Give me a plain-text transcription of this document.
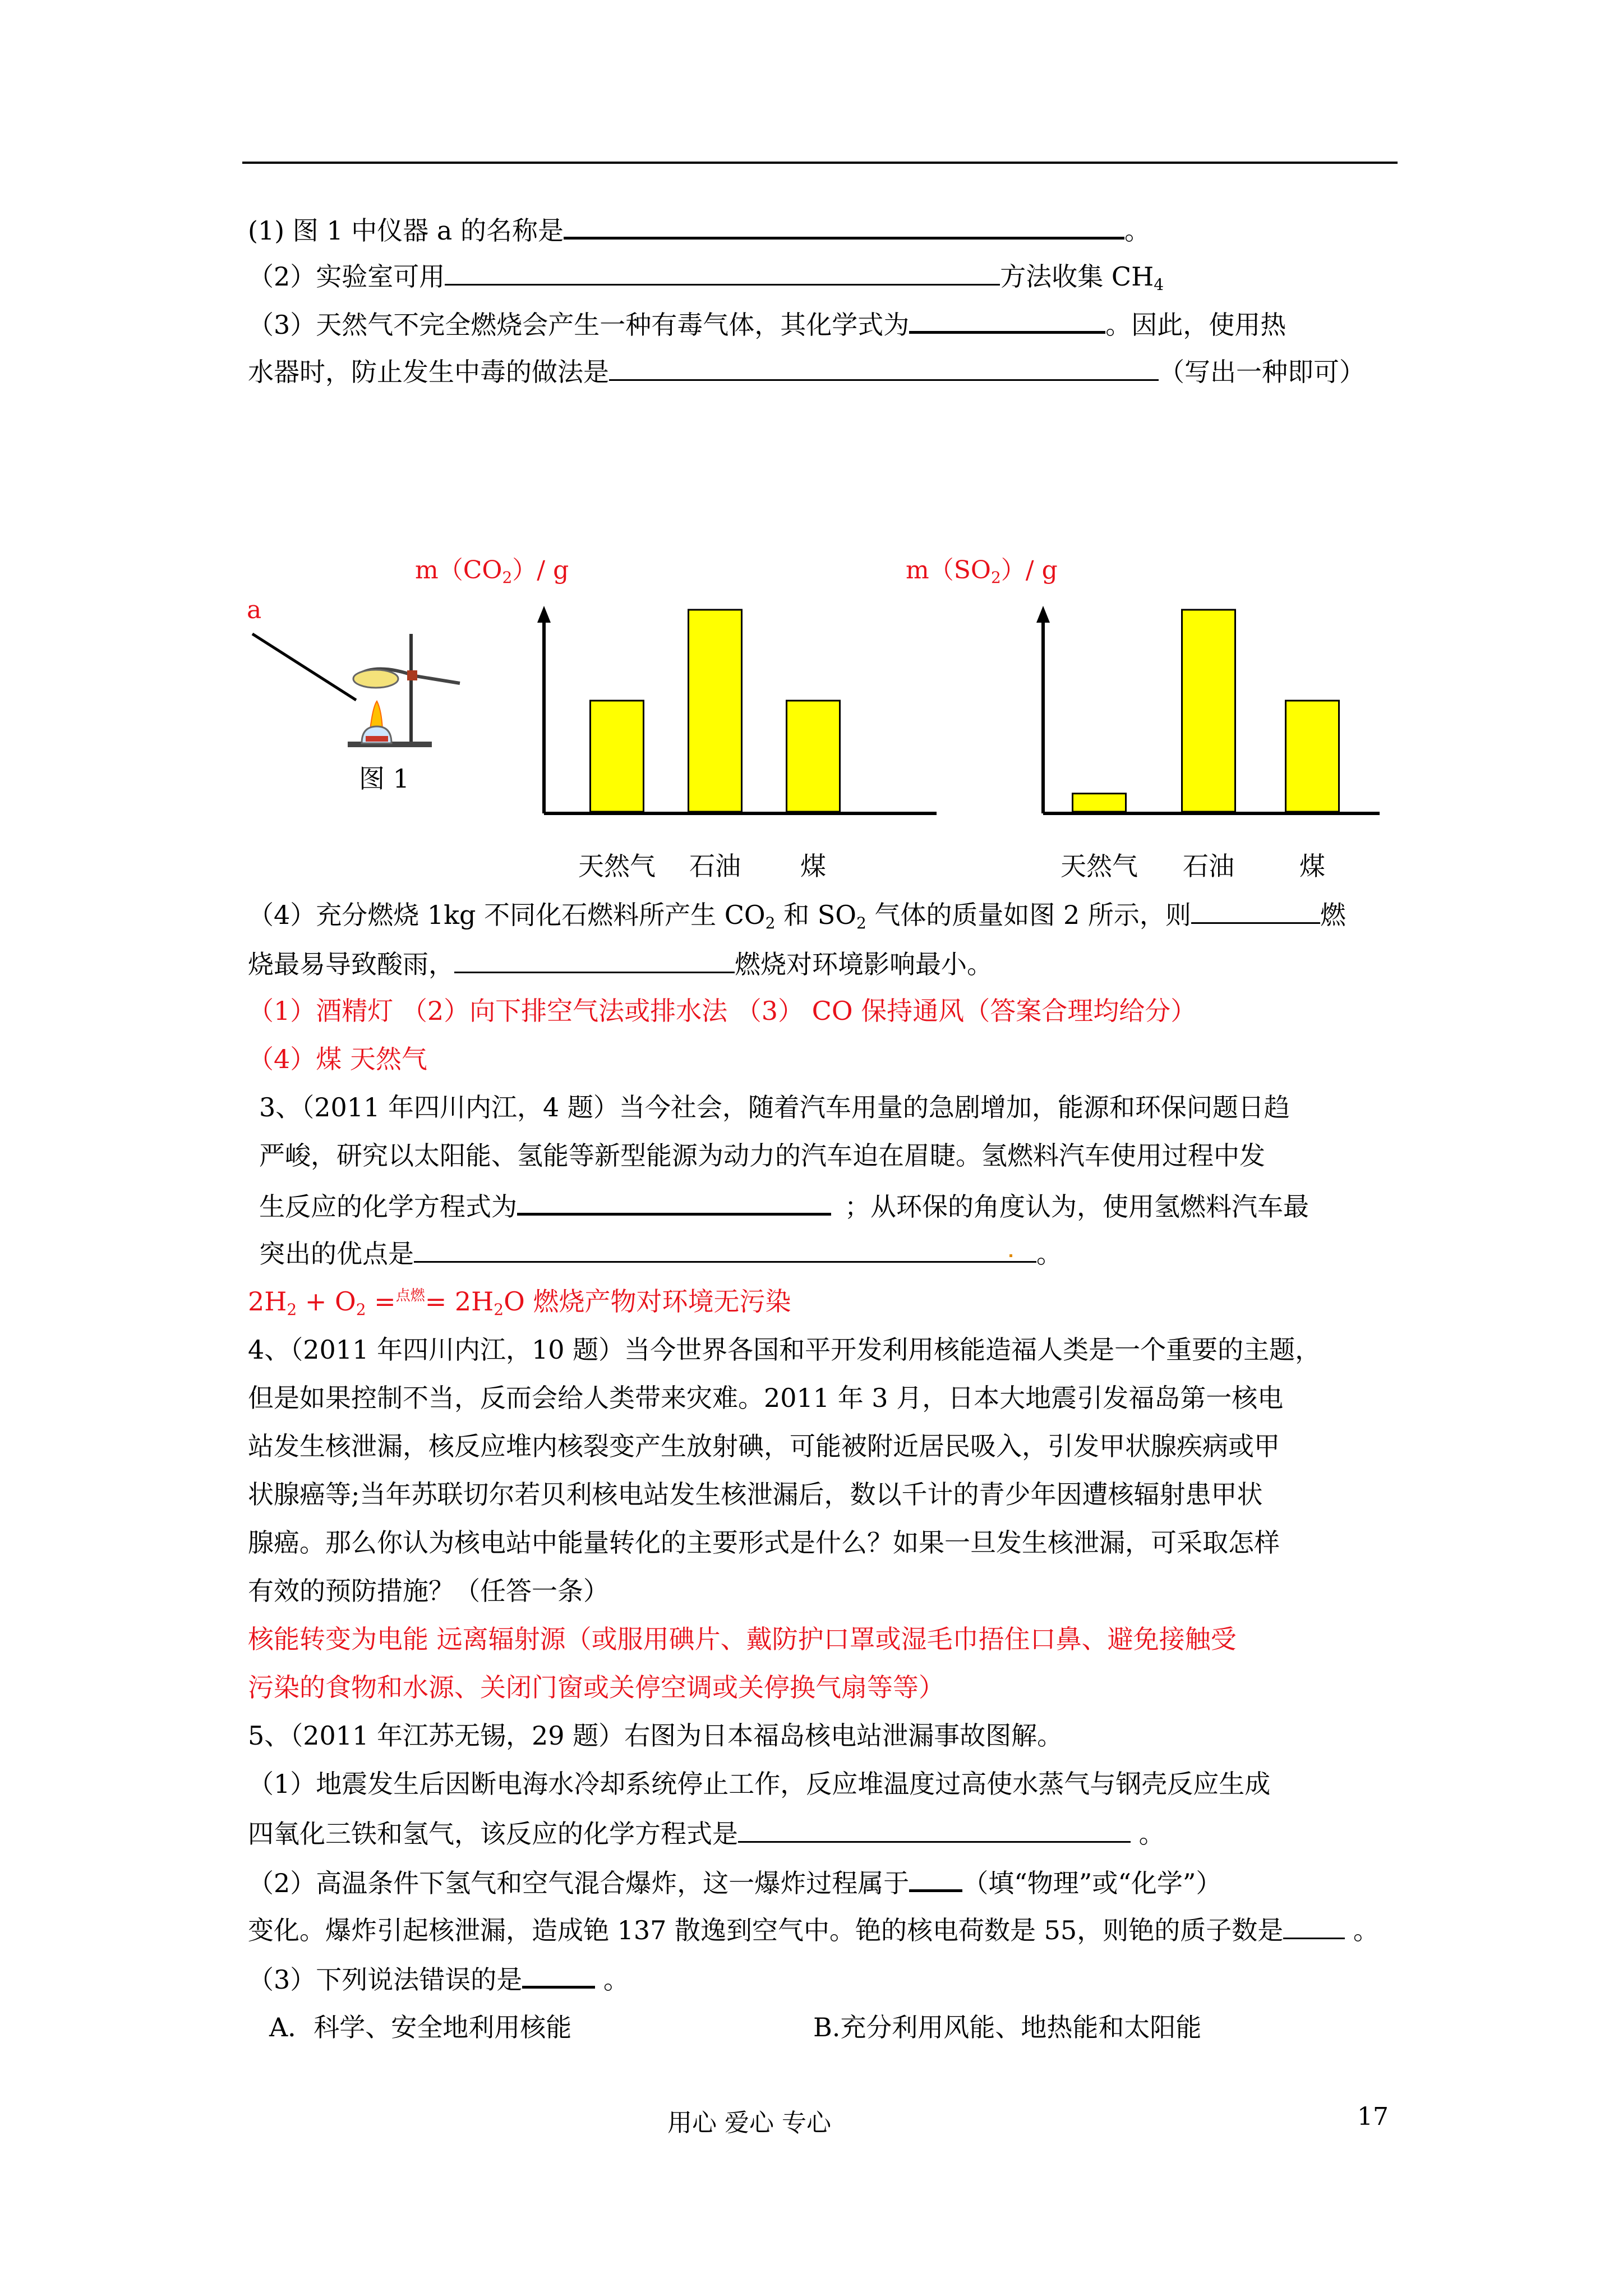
(1) 图 1 中仪器 a 的名称是	。
（2）实验室可用	方法收集 $CH_4$
（3）天然气不完全燃烧会产生一种有毒气体，其化学式为	。因此，使用热
水器时，防止发生中毒的做法是	（写出一种即可）
a
图 1
$m(CO_2)/$ g	$m(SO_2)/$ g
（4）充分燃烧 1kg 不同化石燃料所产生 $CO_2$ 和 $SO_2$ 气体的质量如图 2 所示，则	燃
烧最易导致酸雨，	燃烧对环境影响最小。
（1）酒精灯 （2）向下排空气法或排水法 （3） CO 保持通风（答案合理均给分）
（4）煤 天然气
3、（2011 年四川内江，4 题）当今社会，随着汽车用量的急剧增加，能源和环保问题日趋
严峻，研究以太阳能、氢能等新型能源为动力的汽车迫在眉睫。氢燃料汽车使用过程中发
生反应的化学方程式为	；从环保的角度认为，使用氢燃料汽车最
突出的优点是	。
$2H_2 + O_2 =^{点燃}= 2H_2O$ 燃烧产物对环境无污染
4、（2011 年四川内江，10 题）当今世界各国和平开发利用核能造福人类是一个重要的主题，
但是如果控制不当，反而会给人类带来灾难。2011 年 3 月，日本大地震引发福岛第一核电
站发生核泄漏，核反应堆内核裂变产生放射碘，可能被附近居民吸入，引发甲状腺疾病或甲
状腺癌等;当年苏联切尔若贝利核电站发生核泄漏后，数以千计的青少年因遭核辐射患甲状
腺癌。那么你认为核电站中能量转化的主要形式是什么？如果一旦发生核泄漏，可采取怎样
有效的预防措施？（任答一条）
核能转变为电能 远离辐射源（或服用碘片、戴防护口罩或湿毛巾捂住口鼻、避免接触受
污染的食物和水源、关闭门窗或关停空调或关停换气扇等等）
5、（2011 年江苏无锡，29 题）右图为日本福岛核电站泄漏事故图解。
（1）地震发生后因断电海水冷却系统停止工作，反应堆温度过高使水蒸气与钢壳反应生成
四氧化三铁和氢气，该反应的化学方程式是	。
（2）高温条件下氢气和空气混合爆炸，这一爆炸过程属于 （填“物理”或“化学”）
变化。爆炸引起核泄漏，造成铯 137 散逸到空气中。铯的核电荷数是 55，则铯的质子数是 。
（3）下列说法错误的是	。
A．科学、安全地利用核能	B.充分利用风能、地热能和太阳能
用心 爱心 专心	17
天然气 石油 煤	天然气 石油	煤
